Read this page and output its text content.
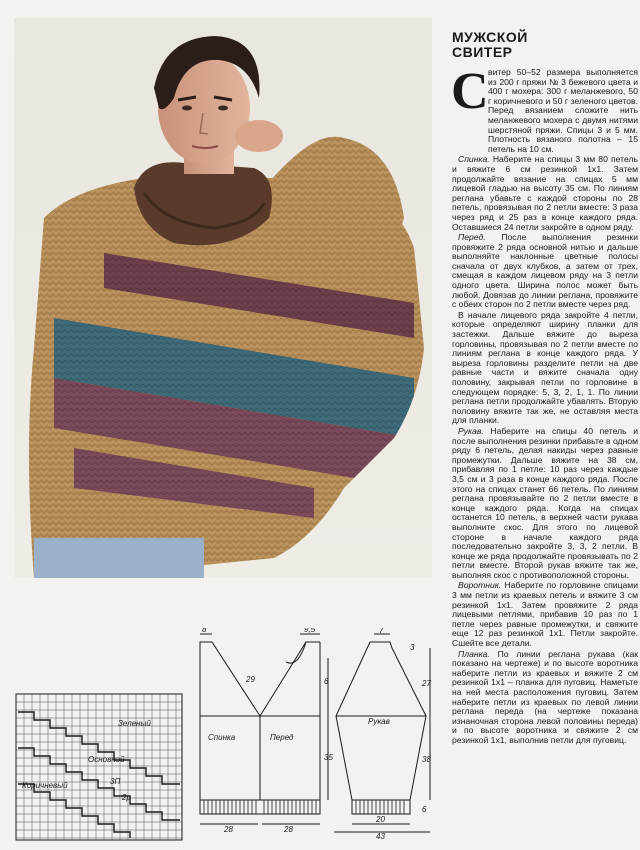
МУЖСКОЙ
СВИТЕР
С витер 50–52 размера выполняется из 200 г пряжи № 3 бежевого цвета и 400 г мохера: 300 г меланжевого, 50 г коричневого и 50 г зеленого цветов. Перед вязанием сложите нить меланжевого мохера с двумя нитями шерстяной пряжи. Спицы 3 и 5 мм. Плотность вязаного полотна – 15 петель на 10 см.

Спинка. Наберите на спицы 3 мм 80 петель и вяжите 6 см резинкой 1х1. Затем продолжайте вязание на спицах 5 мм лицевой гладью на высоту 35 см. По линиям реглана убавьте с каждой стороны по 28 петель, провязывая по 2 петли вместе: 3 раза через ряд и 25 раз в конце каждого ряда. Оставшиеся 24 петли закройте в одном ряду.

Перед. После выполнения резинки провяжите 2 ряда основной нитью и дальше выполняйте наклонные цветные полосы сначала от двух клубков, а затем от трех, смещая в каждом лицевом ряду на 3 петли одного цвета. Ширина полос может быть любой. Довязав до линии реглана, провяжите с обеих сторон по 2 петли вместе через ряд.

В начале лицевого ряда закройте 4 петли, которые определяют ширину планки для застежки. Дальше вяжите до выреза горловины, провязывая по 2 петли вместе по линиям реглана в конце каждого ряда. У выреза горловины разделите петли на две равные части и вяжите сначала одну половину, закрывая петли по горловине в следующем порядке: 5, 3, 2, 1, 1. По линии реглана петли продолжайте убавлять. Вторую половину вяжите так же, не оставляя места для планки.

Рукав. Наберите на спицы 40 петель и после выполнения резинки прибавьте в одном ряду 6 петель, делая накиды через равные промежутки. Дальше вяжите на 38 см, прибавляя по 1 петле: 10 раз через каждые 3,5 см и 3 раза в конце каждого ряда. После этого на спицах станет 66 петель. По линиям реглана провязывайте по 2 петли вместе в конце каждого ряда. Когда на спицах останется 10 петель, в верхней части рукава выполните скос. Для этого по лицевой стороне в начале каждого ряда последовательно закройте 3, 3, 2 петли. В конце же ряда продолжайте провязывать по 2 петли вместе. Второй рукав вяжите так же, выполняя скос с противоположной стороны.

Воротник. Наберите по горловине спицами 3 мм петли из краевых петель и вяжите 3 см резинкой 1х1. Затем провяжите 2 ряда лицевыми петлями, прибавив 10 раз по 1 петле через равные промежутки, и свяжите еще 12 раз резинкой 1х1. Петли закройте. Сшейте все детали.

Планка. По линии реглана рукава (как показано на чертеже) и по высоте воротника наберите петли из краевых и вяжите 2 см резинкой 1х1 – планка для пуговиц. Наметьте на ней места расположения пуговиц. Затем наберите петли из краевых по левой линии реглана переда (на чертеже показана изнаночная сторона левой половины переда) и по высоте воротника и свяжите 2 см резинкой 1х1, выполнив петли для пуговиц.

Зеленый
Основной
Коричневый	3П
2р
8	9,5
29	6
35
28	28
Спинка	Перед
7
3
27
38
6
20
43
Рукав
